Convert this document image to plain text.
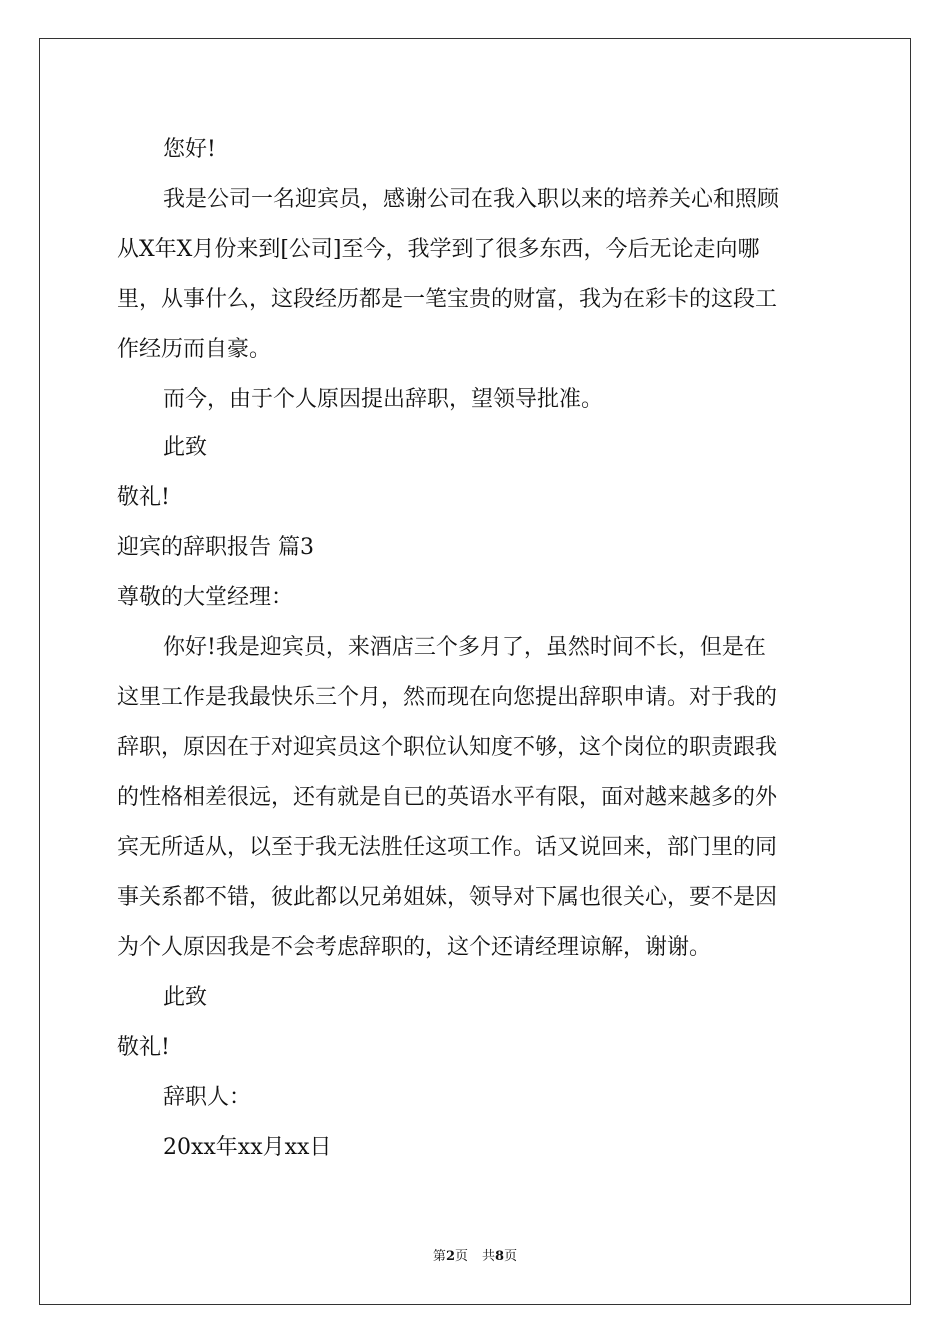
您好!
我是公司一名迎宾员，感谢公司在我入职以来的培养关心和照顾
从X年X月份来到[公司]至今，我学到了很多东西，今后无论走向哪
里，从事什么，这段经历都是一笔宝贵的财富，我为在彩卡的这段工
作经历而自豪。
而今，由于个人原因提出辞职，望领导批准。
此致
敬礼!
迎宾的辞职报告 篇3
尊敬的大堂经理：
你好!我是迎宾员，来酒店三个多月了，虽然时间不长，但是在
这里工作是我最快乐三个月，然而现在向您提出辞职申请。对于我的
辞职，原因在于对迎宾员这个职位认知度不够，这个岗位的职责跟我
的性格相差很远，还有就是自已的英语水平有限，面对越来越多的外
宾无所适从，以至于我无法胜任这项工作。话又说回来，部门里的同
事关系都不错，彼此都以兄弟姐妹，领导对下属也很关心，要不是因
为个人原因我是不会考虑辞职的，这个还请经理谅解，谢谢。
此致
敬礼!
辞职人：
20xx年xx月xx日
第2页 共8页
